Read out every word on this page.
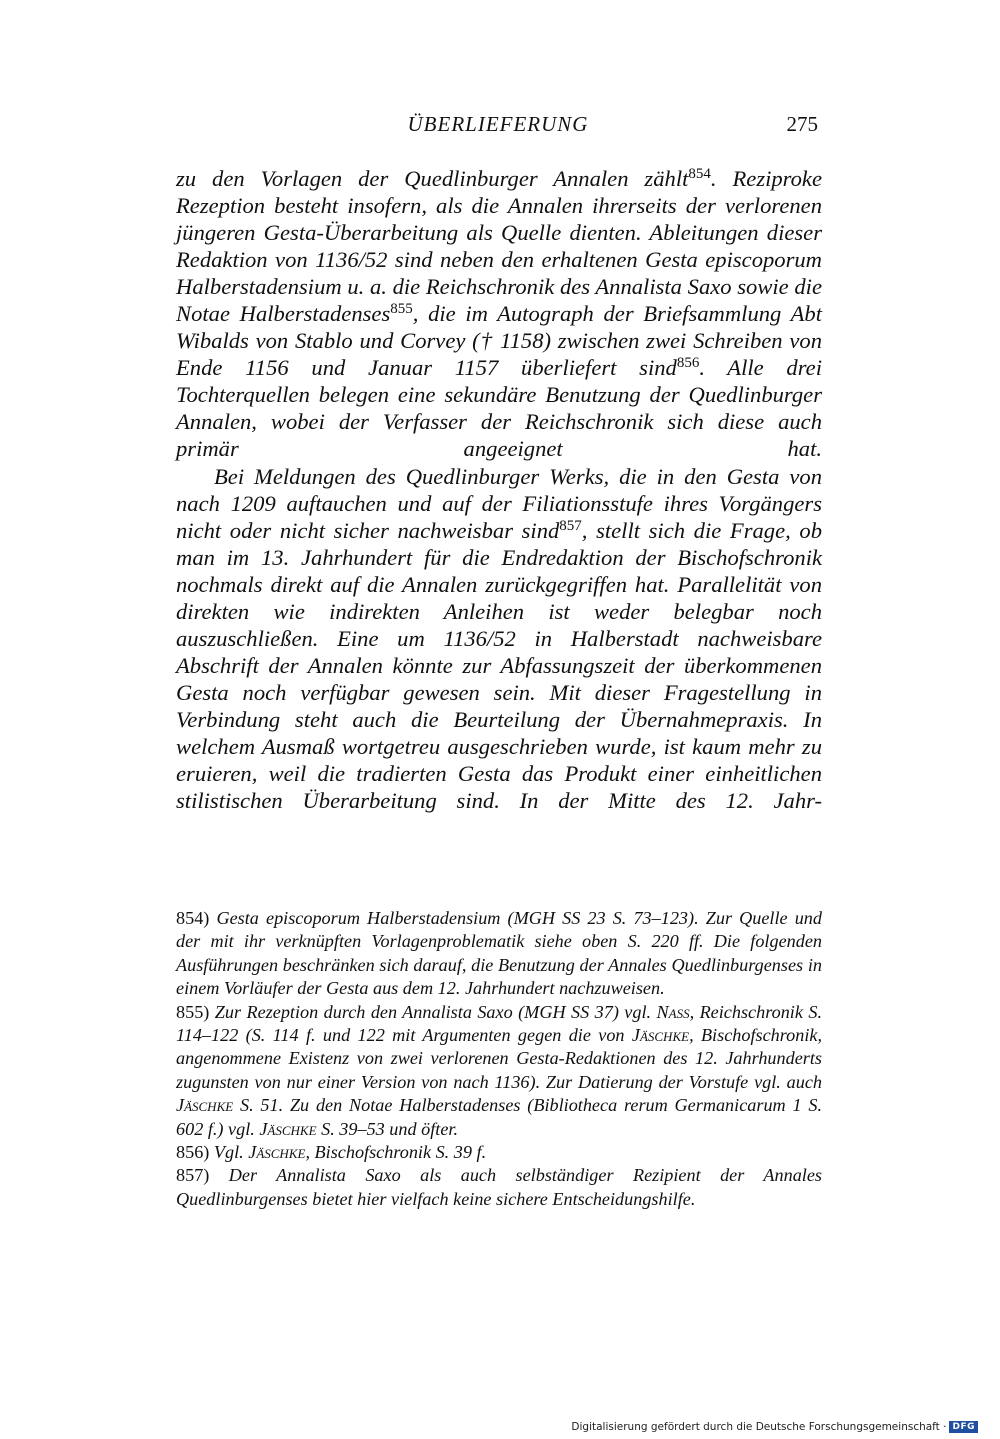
ÜBERLIEFERUNG	275

zu den Vorlagen der Quedlinburger Annalen zählt$^{854}$. Reziproke Rezeption besteht insofern, als die Annalen ihrerseits der verlorenen jüngeren Gesta-Überarbeitung als Quelle dienten. Ableitungen dieser Redaktion von 1136/52 sind neben den erhaltenen Gesta episcoporum Halberstadensium u. a. die Reichschronik des Annalista Saxo sowie die Notae Halberstadenses$^{855}$, die im Autograph der Briefsammlung Abt Wibalds von Stablo und Corvey († 1158) zwischen zwei Schreiben von Ende 1156 und Januar 1157 überliefert sind$^{856}$. Alle drei Tochterquellen belegen eine sekundäre Benutzung der Quedlinburger Annalen, wobei der Verfasser der Reichschronik sich diese auch primär angeeignet hat.

Bei Meldungen des Quedlinburger Werks, die in den Gesta von nach 1209 auftauchen und auf der Filiationsstufe ihres Vorgängers nicht oder nicht sicher nachweisbar sind$^{857}$, stellt sich die Frage, ob man im 13. Jahrhundert für die Endredaktion der Bischofschronik nochmals direkt auf die Annalen zurückgegriffen hat. Parallelität von direkten wie indirekten Anleihen ist weder belegbar noch auszuschließen. Eine um 1136/52 in Halberstadt nachweisbare Abschrift der Annalen könnte zur Abfassungszeit der überkommenen Gesta noch verfügbar gewesen sein. Mit dieser Fragestellung in Verbindung steht auch die Beurteilung der Übernahmepraxis. In welchem Ausmaß wortgetreu ausgeschrieben wurde, ist kaum mehr zu eruieren, weil die tradierten Gesta das Produkt einer einheitlichen stilistischen Überarbeitung sind. In der Mitte des 12. Jahr-

854) Gesta episcoporum Halberstadensium (MGH SS 23 S. 73–123). Zur Quelle und der mit ihr verknüpften Vorlagenproblematik siehe oben S. 220 ff. Die folgenden Ausführungen beschränken sich darauf, die Benutzung der Annales Quedlinburgenses in einem Vorläufer der Gesta aus dem 12. Jahrhundert nachzuweisen.

855) Zur Rezeption durch den Annalista Saxo (MGH SS 37) vgl. Nass, Reichschronik S. 114–122 (S. 114 f. und 122 mit Argumenten gegen die von Jäschke, Bischofschronik, angenommene Existenz von zwei verlorenen Gesta-Redaktionen des 12. Jahrhunderts zugunsten von nur einer Version von nach 1136). Zur Datierung der Vorstufe vgl. auch Jäschke S. 51. Zu den Notae Halberstadenses (Bibliotheca rerum Germanicarum 1 S. 602 f.) vgl. Jäschke S. 39–53 und öfter.

856) Vgl. Jäschke, Bischofschronik S. 39 f.

857) Der Annalista Saxo als auch selbständiger Rezipient der Annales Quedlinburgenses bietet hier vielfach keine sichere Entscheidungshilfe.

Digitalisierung gefördert durch die Deutsche Forschungsgemeinschaft · DFG
